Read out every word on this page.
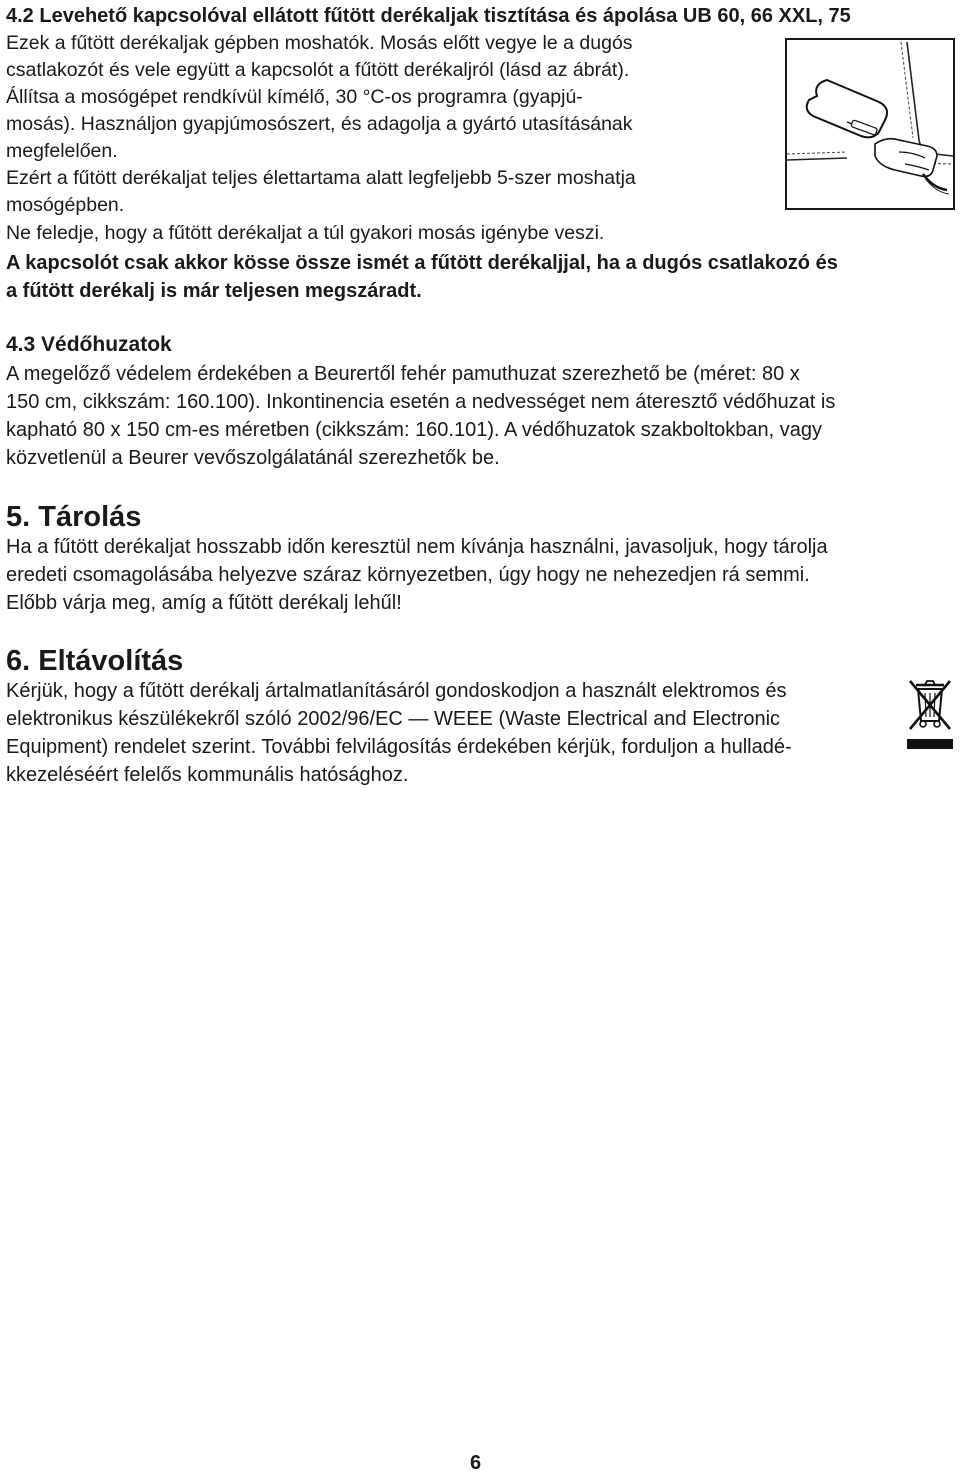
4.2 Levehető kapcsolóval ellátott fűtött derékaljak tisztítása és ápolása UB 60, 66 XXL, 75
Ezek a fűtött derékaljak gépben moshatók. Mosás előtt vegye le a dugós
csatlakozót és vele együtt a kapcsolót a fűtött derékaljról (lásd az ábrát).
Állítsa a mosógépet rendkívül kímélő, 30 °C-os programra (gyapjú-
mosás). Használjon gyapjúmosószert, és adagolja a gyártó utasításának
megfelelően.
Ezért a fűtött derékaljat teljes élettartama alatt legfeljebb 5-szer moshatja
mosógépben.
Ne feledje, hogy a fűtött derékaljat a túl gyakori mosás igénybe veszi.
A kapcsolót csak akkor kösse össze ismét a fűtött derékaljjal, ha a dugós csatlakozó és
a fűtött derékalj is már teljesen megszáradt.
4.3 Védőhuzatok
A megelőző védelem érdekében a Beurertől fehér pamuthuzat szerezhető be (méret: 80 x
150 cm, cikkszám: 160.100). Inkontinencia esetén a nedvességet nem áteresztő védőhuzat is
kapható 80 x 150 cm-es méretben (cikkszám: 160.101). A védőhuzatok szakboltokban, vagy
közvetlenül a Beurer vevőszolgálatánál szerezhetők be.
5. Tárolás
Ha a fűtött derékaljat hosszabb időn keresztül nem kívánja használni, javasoljuk, hogy tárolja
eredeti csomagolásába helyezve száraz környezetben, úgy hogy ne nehezedjen rá semmi.
Előbb várja meg, amíg a fűtött derékalj lehűl!
6. Eltávolítás
Kérjük, hogy a fűtött derékalj ártalmatlanításáról gondoskodjon a használt elektromos és
elektronikus készülékekről szóló 2002/96/EC — WEEE (Waste Electrical and Electronic
Equipment) rendelet szerint. További felvilágosítás érdekében kérjük, forduljon a hulladé-
kkezeléséért felelős kommunális hatósághoz.
6
